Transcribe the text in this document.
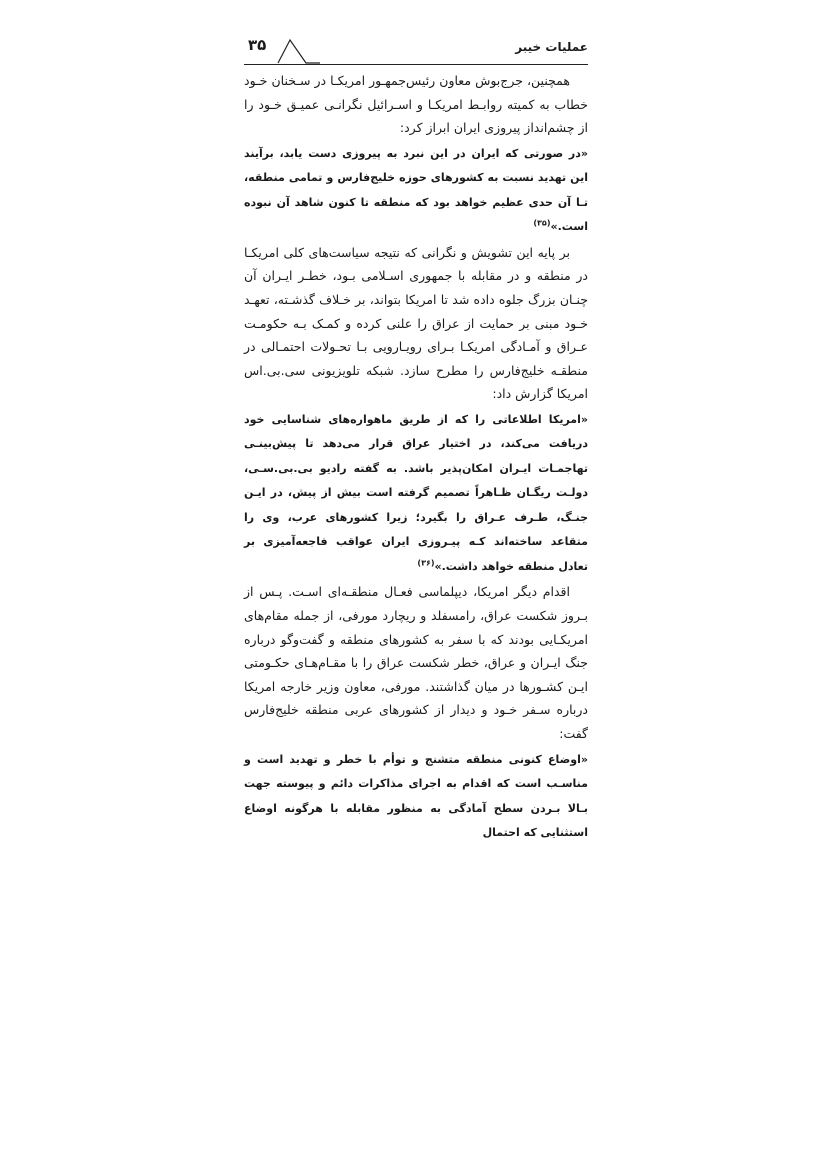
عملیات خیبر
۳۵

همچنین، جرج‌بوش معاون رئیس‌جمهـور امریکـا در سـخنان خـود خطاب به کمیته روابـط امریکـا و اسـرائیل نگرانـی عمیـق خـود را از چشم‌انداز پیروزی ایران ابراز کرد:

«در صورتی که ایران در این نبرد به پیروزی دست یابد، برآیند این تهدید نسبت به کشورهای حوزه خلیج‌فارس و تمامی منطقه، تـا آن حدی عظیم خواهد بود که منطقه تا کنون شاهد آن نبوده است.»$^{(۳۵)}$

بر پایه این تشویش و نگرانی که نتیجه سیاست‌های کلی امریکـا در منطقه و در مقابله با جمهوری اسـلامی بـود، خطـر ایـران آن چنـان بزرگ جلوه داده شد تا امریکا بتواند، بر خـلاف گذشـته، تعهـد خـود مبنی بر حمایت از عراق را علنی کرده و کمـک بـه حکومـت عـراق و آمـادگی امریکـا بـرای رویـارویی بـا تحـولات احتمـالی در منطقـه خلیج‌فارس را مطرح سازد. شبکه تلویزیونی سی.بی.اس امریکا گزارش داد:

«امریکا اطلاعاتی را که از طریق ماهواره‌های شناسایی خود دریافت می‌کند، در اختیار عراق قرار می‌دهد تا پیش‌بینـی تهاجمـات ایـران امکان‌پذیر باشد. به گفته رادیو بی.بی.سـی، دولـت ریگـان ظـاهراً تصمیم گرفته است بیش از پیش، در ایـن جنـگ، طـرف عـراق را بگیرد؛ زیرا کشورهای عرب، وی را متقاعد ساخته‌اند کـه پیـروزی ایران عواقب فاجعه‌آمیزی بر تعادل منطقه خواهد داشت.»$^{(۳۶)}$

اقدام دیگر امریکا، دیپلماسی فعـال منطقـه‌ای اسـت. پـس از بـروز شکست عراق، رامسفلد و ریچارد مورفی، از جمله مقام‌های امریکـایی بودند که با سفر به کشورهای منطقه و گفت‌وگو درباره جنگ ایـران و عراق، خطر شکست عراق را با مقـام‌هـای حکـومتی ایـن کشـورها در میان گذاشتند. مورفی، معاون وزیر خارجه امریکا درباره سـفر خـود و دیدار از کشورهای عربی منطقه خلیج‌فارس گفت:

«اوضاع کنونی منطقه متشنج و توأم با خطر و تهدید است و مناسـب است که اقدام به اجرای مذاکرات دائم و پیوسته جهت بـالا بـردن سطح آمادگی به منظور مقابله با هرگونه اوضاع استثنایی که احتمال
